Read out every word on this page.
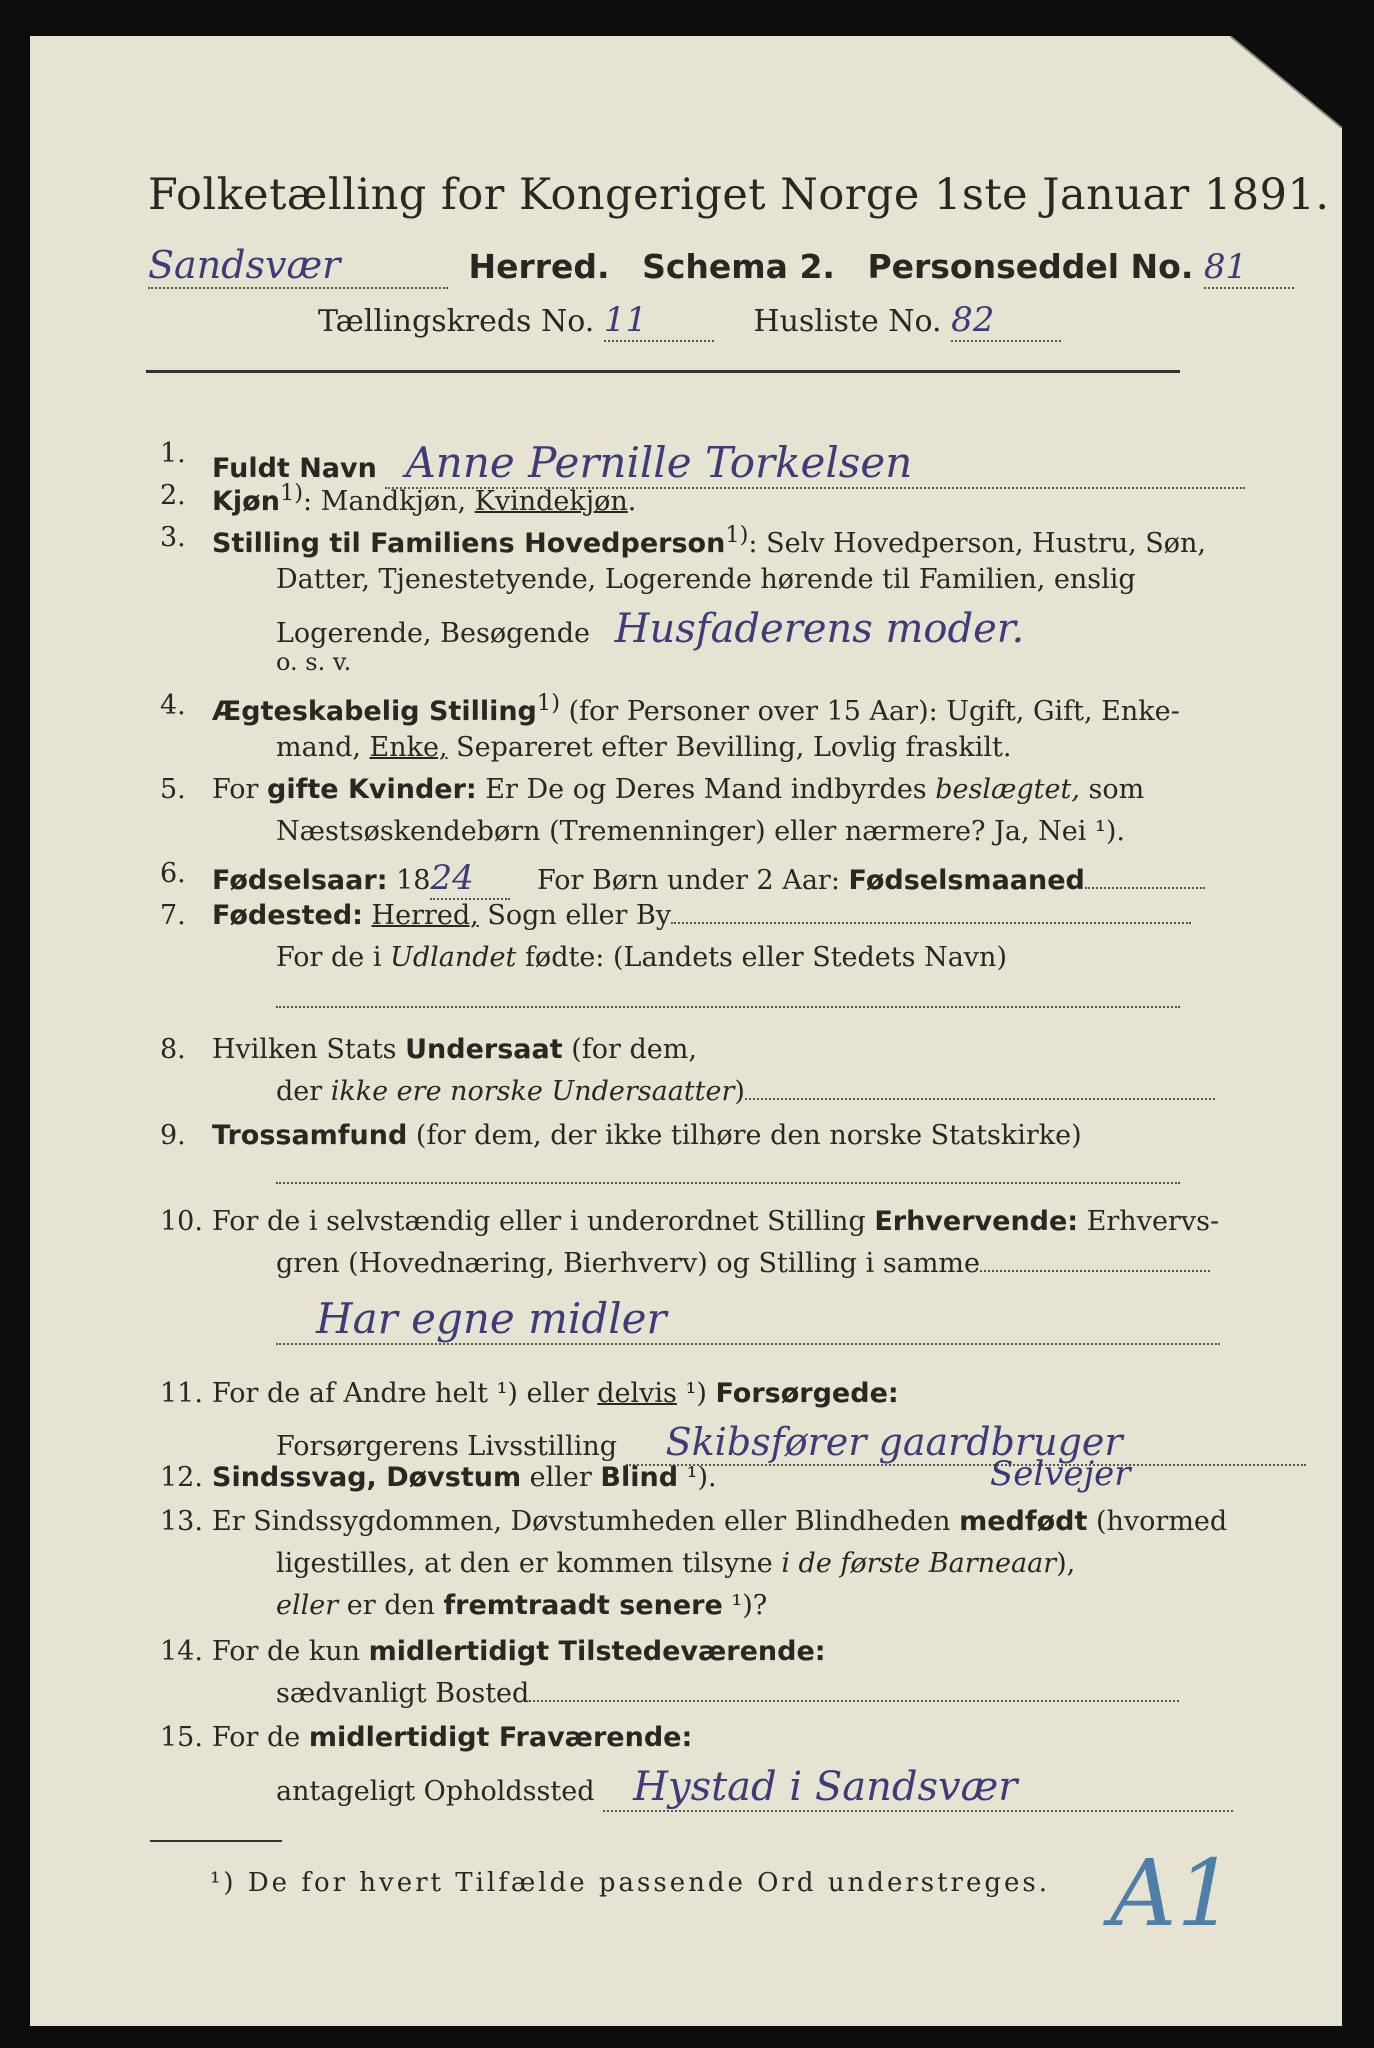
Folketælling for Kongeriget Norge 1ste Januar 1891.
Sandsvær	Herred. Schema 2. Personseddel No. 81
Tællingskreds No. 11	Husliste No. 82
1. Fuldt Navn Anne Pernille Torkelsen
2. Kjøn$^{1)}$: Mandkjøn, Kvindekjøn.
3. Stilling til Familiens Hovedperson$^{1)}$: Selv Hovedperson, Hustru, Søn,
Datter, Tjenestetyende, Logerende hørende til Familien, enslig
Logerende, Besøgende Husfaderens moder.
o. s. v.
4. Ægteskabelig Stilling$^{1)}$ (for Personer over 15 Aar): Ugift, Gift, Enke-
mand, Enke, Separeret efter Bevilling, Lovlig fraskilt.
5. For gifte Kvinder: Er De og Deres Mand indbyrdes beslægtet, som
Næstsøskendebørn (Tremenninger) eller nærmere? Ja, Nei ¹).
6. Fødselsaar: 1824 For Børn under 2 Aar: Fødselsmaaned
7. Fødested: Herred, Sogn eller By
For de i Udlandet fødte: (Landets eller Stedets Navn)
8. Hvilken Stats Undersaat (for dem,
der ikke ere norske Undersaatter)
9. Trossamfund (for dem, der ikke tilhøre den norske Statskirke)
10. For de i selvstændig eller i underordnet Stilling Erhvervende: Erhvervs-
gren (Hovednæring, Bierhverv) og Stilling i samme
Har egne midler
11. For de af Andre helt ¹) eller delvis ¹) Forsørgede:
Forsørgerens Livsstilling Skibsfører gaardbruger
Selvejer
12. Sindssvag, Døvstum eller Blind ¹).
13. Er Sindssygdommen, Døvstumheden eller Blindheden medfødt (hvormed
ligestilles, at den er kommen tilsyne i de første Barneaar),
eller er den fremtraadt senere ¹)?
14. For de kun midlertidigt Tilstedeværende:
sædvanligt Bosted
15. For de midlertidigt Fraværende:
antageligt Opholdssted Hystad i Sandsvær
¹) De for hvert Tilfælde passende Ord understreges. A1
